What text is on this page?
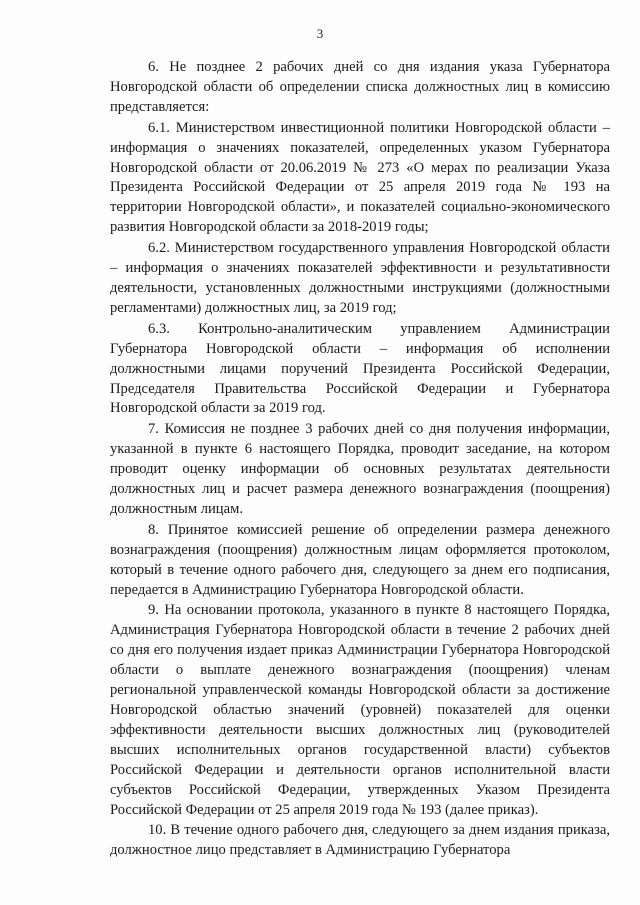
3

6. Не позднее 2 рабочих дней со дня издания указа Губернатора Новгородской области об определении списка должностных лиц в комиссию представляется:

6.1. Министерством инвестиционной политики Новгородской области – информация о значениях показателей, определенных указом Губернатора Новгородской области от 20.06.2019 № 273 «О мерах по реализации Указа Президента Российской Федерации от 25 апреля 2019 года № 193 на территории Новгородской области», и показателей социально-экономического развития Новгородской области за 2018-2019 годы;

6.2. Министерством государственного управления Новгородской области – информация о значениях показателей эффективности и результативности деятельности, установленных должностными инструкциями (должностными регламентами) должностных лиц, за 2019 год;

6.3. Контрольно-аналитическим управлением Администрации Губернатора Новгородской области – информация об исполнении должностными лицами поручений Президента Российской Федерации, Председателя Правительства Российской Федерации и Губернатора Новгородской области за 2019 год.

7. Комиссия не позднее 3 рабочих дней со дня получения информации, указанной в пункте 6 настоящего Порядка, проводит заседание, на котором проводит оценку информации об основных результатах деятельности должностных лиц и расчет размера денежного вознаграждения (поощрения) должностным лицам.

8. Принятое комиссией решение об определении размера денежного вознаграждения (поощрения) должностным лицам оформляется протоколом, который в течение одного рабочего дня, следующего за днем его подписания, передается в Администрацию Губернатора Новгородской области.

9. На основании протокола, указанного в пункте 8 настоящего Порядка, Администрация Губернатора Новгородской области в течение 2 рабочих дней со дня его получения издает приказ Администрации Губернатора Новгородской области о выплате денежного вознаграждения (поощрения) членам региональной управленческой команды Новгородской области за достижение Новгородской областью значений (уровней) показателей для оценки эффективности деятельности высших должностных лиц (руководителей высших исполнительных органов государственной власти) субъектов Российской Федерации и деятельности органов исполнительной власти субъектов Российской Федерации, утвержденных Указом Президента Российской Федерации от 25 апреля 2019 года № 193 (далее приказ).

10. В течение одного рабочего дня, следующего за днем издания приказа, должностное лицо представляет в Администрацию Губернатора
